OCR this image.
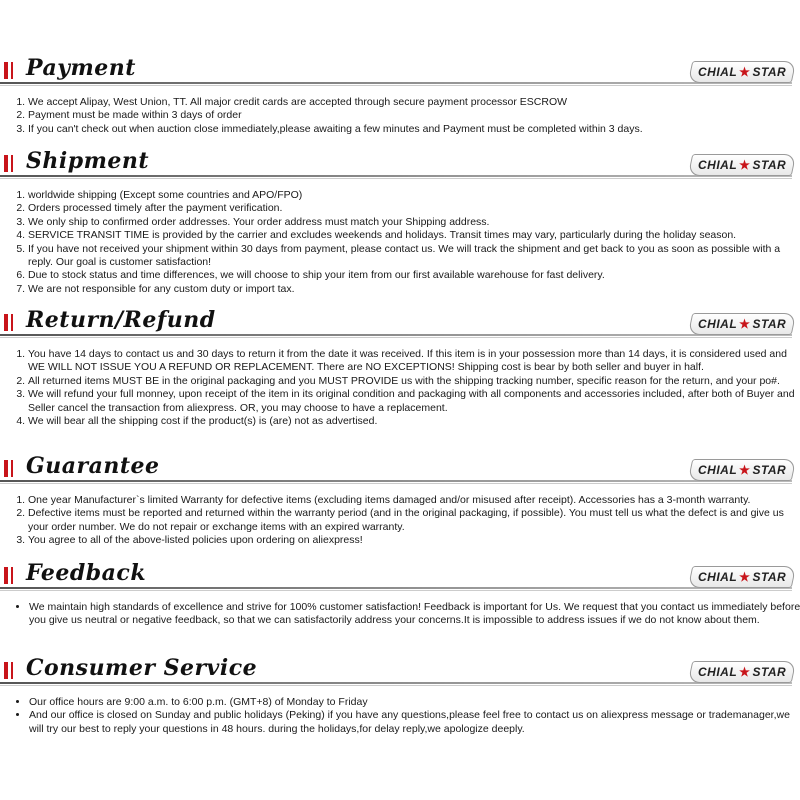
Payment	CHIAL ★ STAR
1. We accept Alipay, West Union, TT. All major credit cards are accepted through secure payment processor ESCROW
2. Payment must be made within 3 days of order
3. If you can't check out when auction close immediately,please awaiting a few minutes and Payment must be completed within 3 days.
Shipment	CHIAL ★ STAR
1. worldwide shipping (Except some countries and APO/FPO)
2. Orders processed timely after the payment verification.
3. We only ship to confirmed order addresses. Your order address must match your Shipping address.
4. SERVICE TRANSIT TIME is provided by the carrier and excludes weekends and holidays. Transit times may vary, particularly during the holiday season.
5. If you have not received your shipment within 30 days from payment, please contact us. We will track the shipment and get back to you as soon as possible with a reply. Our goal is customer satisfaction!
6. Due to stock status and time differences, we will choose to ship your item from our first available warehouse for fast delivery.
7. We are not responsible for any custom duty or import tax.
Return/Refund	CHIAL ★ STAR
1. You have 14 days to contact us and 30 days to return it from the date it was received. If this item is in your possession more than 14 days, it is considered used and WE WILL NOT ISSUE YOU A REFUND OR REPLACEMENT. There are NO EXCEPTIONS! Shipping cost is bear by both seller and buyer in half.
2. All returned items MUST BE in the original packaging and you MUST PROVIDE us with the shipping tracking number, specific reason for the return, and your po#.
3. We will refund your full monney, upon receipt of the item in its original condition and packaging with all components and accessories included, after both of Buyer and Seller cancel the transaction from aliexpress. OR, you may choose to have a replacement.
4. We will bear all the shipping cost if the product(s) is (are) not as advertised.
Guarantee	CHIAL ★ STAR
1. One year Manufacturer`s limited Warranty for defective items (excluding items damaged and/or misused after receipt). Accessories has a 3-month warranty.
2. Defective items must be reported and returned within the warranty period (and in the original packaging, if possible). You must tell us what the defect is and give us your order number. We do not repair or exchange items with an expired warranty.
3. You agree to all of the above-listed policies upon ordering on aliexpress!
Feedback	CHIAL ★ STAR
• We maintain high standards of excellence and strive for 100% customer satisfaction! Feedback is important for Us. We request that you contact us immediately before you give us neutral or negative feedback, so that we can satisfactorily address your concerns.It is impossible to address issues if we do not know about them.
Consumer Service	CHIAL ★ STAR
• Our office hours are 9:00 a.m. to 6:00 p.m. (GMT+8) of Monday to Friday
• And our office is closed on Sunday and public holidays (Peking) if you have any questions,please feel free to contact us on aliexpress message or trademanager,we will try our best to reply your questions in 48 hours. during the holidays,for delay reply,we apologize deeply.
